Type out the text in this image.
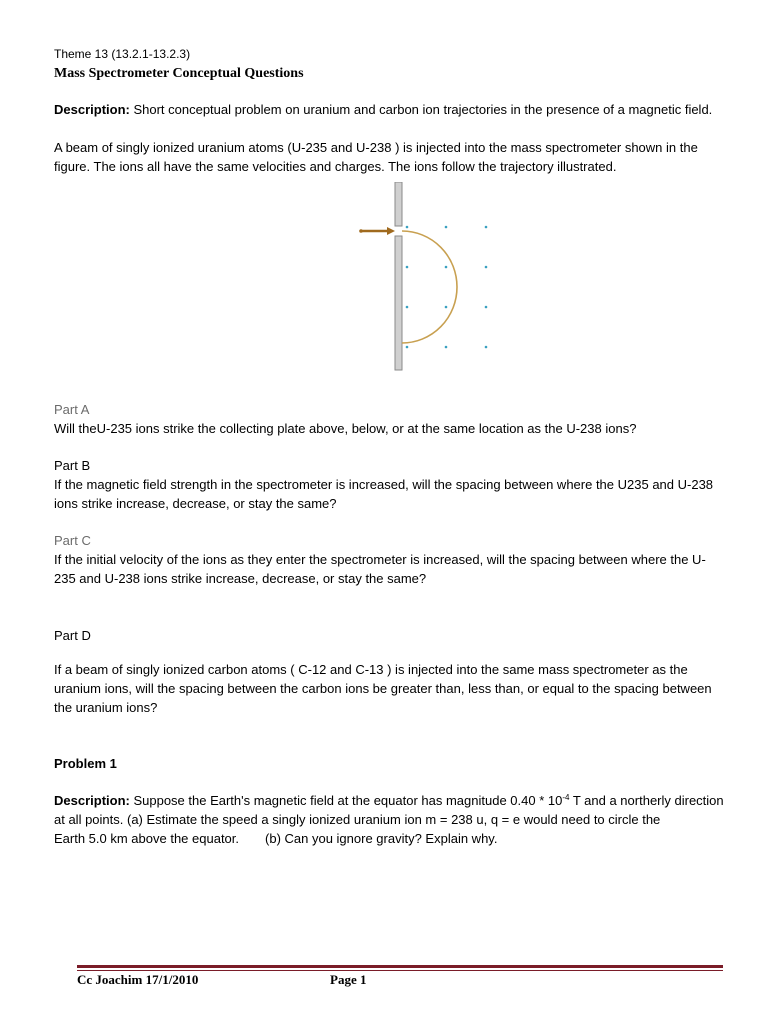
Theme 13 (13.2.1-13.2.3)

Mass Spectrometer Conceptual Questions

Description: Short conceptual problem on uranium and carbon ion trajectories in the presence of a magnetic field.

A beam of singly ionized uranium atoms (U-235 and U-238 ) is injected into the mass spectrometer shown in the figure. The ions all have the same velocities and charges. The ions follow the trajectory illustrated.

Part A

Will theU-235 ions strike the collecting plate above, below, or at the same location as the U-238 ions?

Part B

If the magnetic field strength in the spectrometer is increased, will the spacing between where the U235 and U-238 ions strike increase, decrease, or stay the same?

Part C

If the initial velocity of the ions as they enter the spectrometer is increased, will the spacing between where the U-235 and U-238 ions strike increase, decrease, or stay the same?

Part D

If a beam of singly ionized carbon atoms ( C-12 and C-13 ) is injected into the same mass spectrometer as the uranium ions, will the spacing between the carbon ions be greater than, less than, or equal to the spacing between the uranium ions?

Problem 1

Description: Suppose the Earth's magnetic field at the equator has magnitude $0.40 * 10^{-4}$ T and a northerly direction at all points. (a) Estimate the speed a singly ionized uranium ion m = 238 u, q = e would need to circle the
Earth 5.0 km above the equator. (b) Can you ignore gravity? Explain why.

Cc Joachim 17/1/2010	Page 1
